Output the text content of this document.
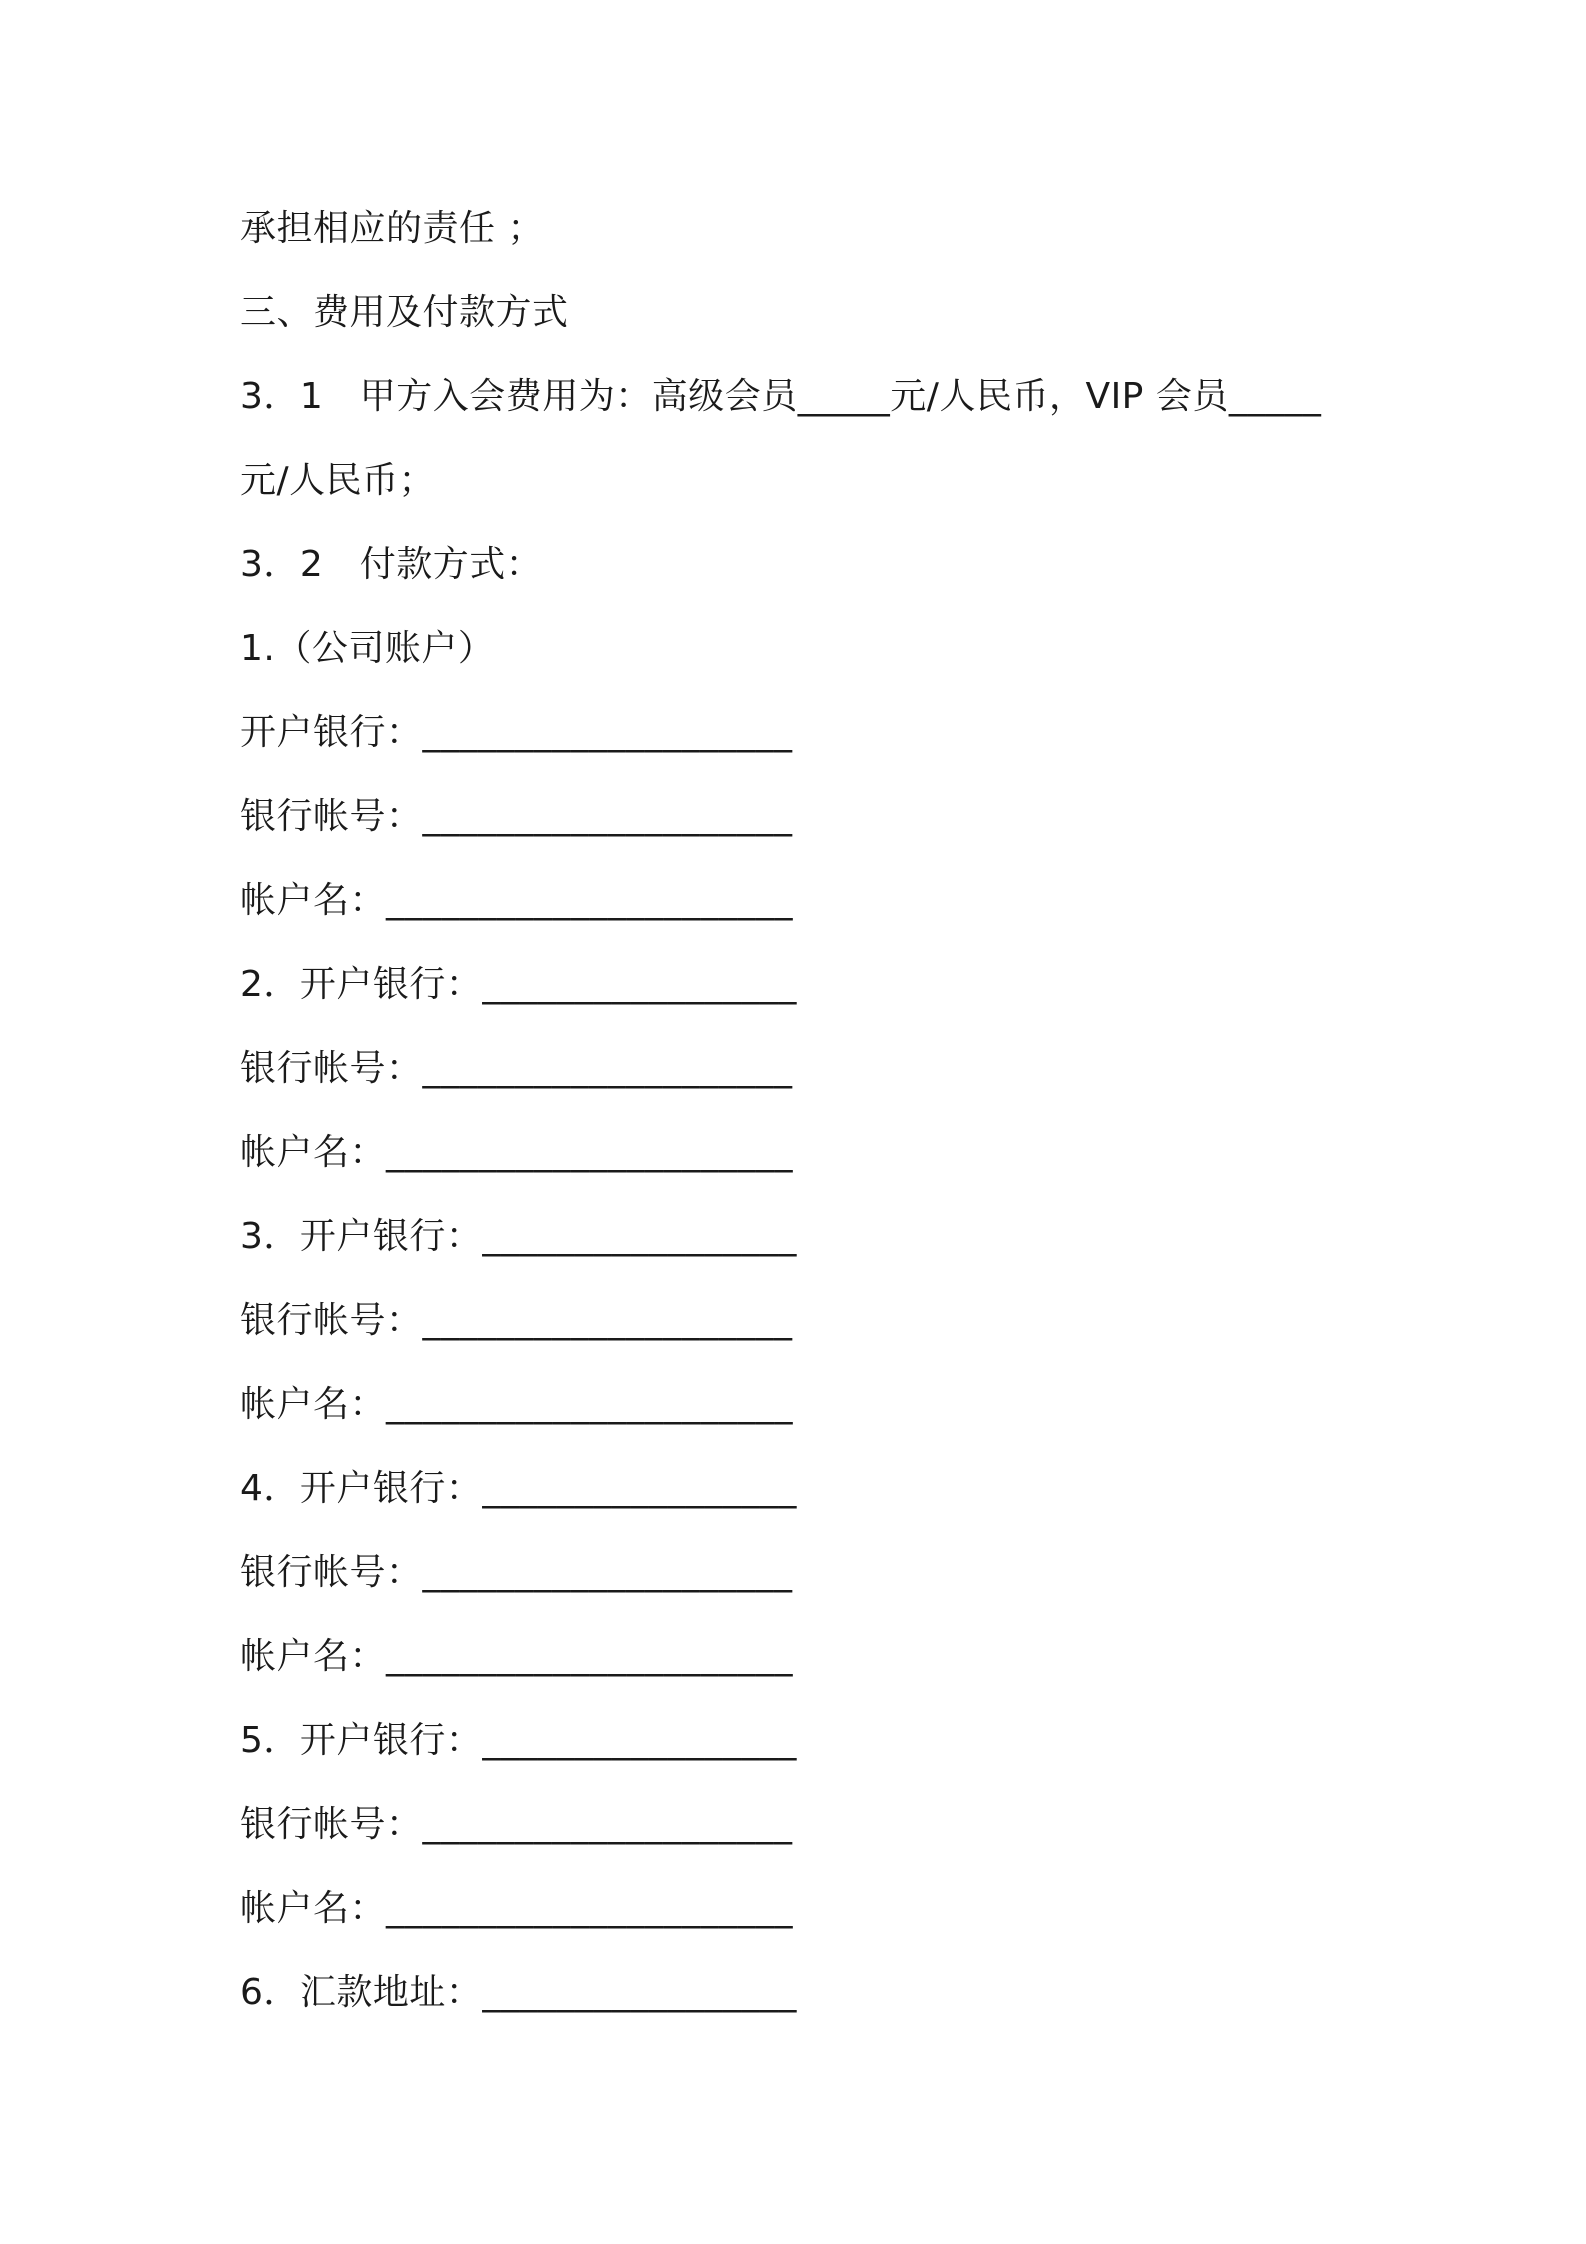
承担相应的责任 ；
三、费用及付款方式
3．1　甲方入会费用为：高级会员_____元/人民币，VIP 会员_____
元/人民币；
3．2　付款方式：
1.（公司账户）
开户银行：____________________
银行帐号：____________________
帐户名：______________________
2．开户银行：_________________
银行帐号：____________________
帐户名：______________________
3．开户银行：_________________
银行帐号：____________________
帐户名：______________________
4．开户银行：_________________
银行帐号：____________________
帐户名：______________________
5．开户银行：_________________
银行帐号：____________________
帐户名：______________________
6．汇款地址：_________________
